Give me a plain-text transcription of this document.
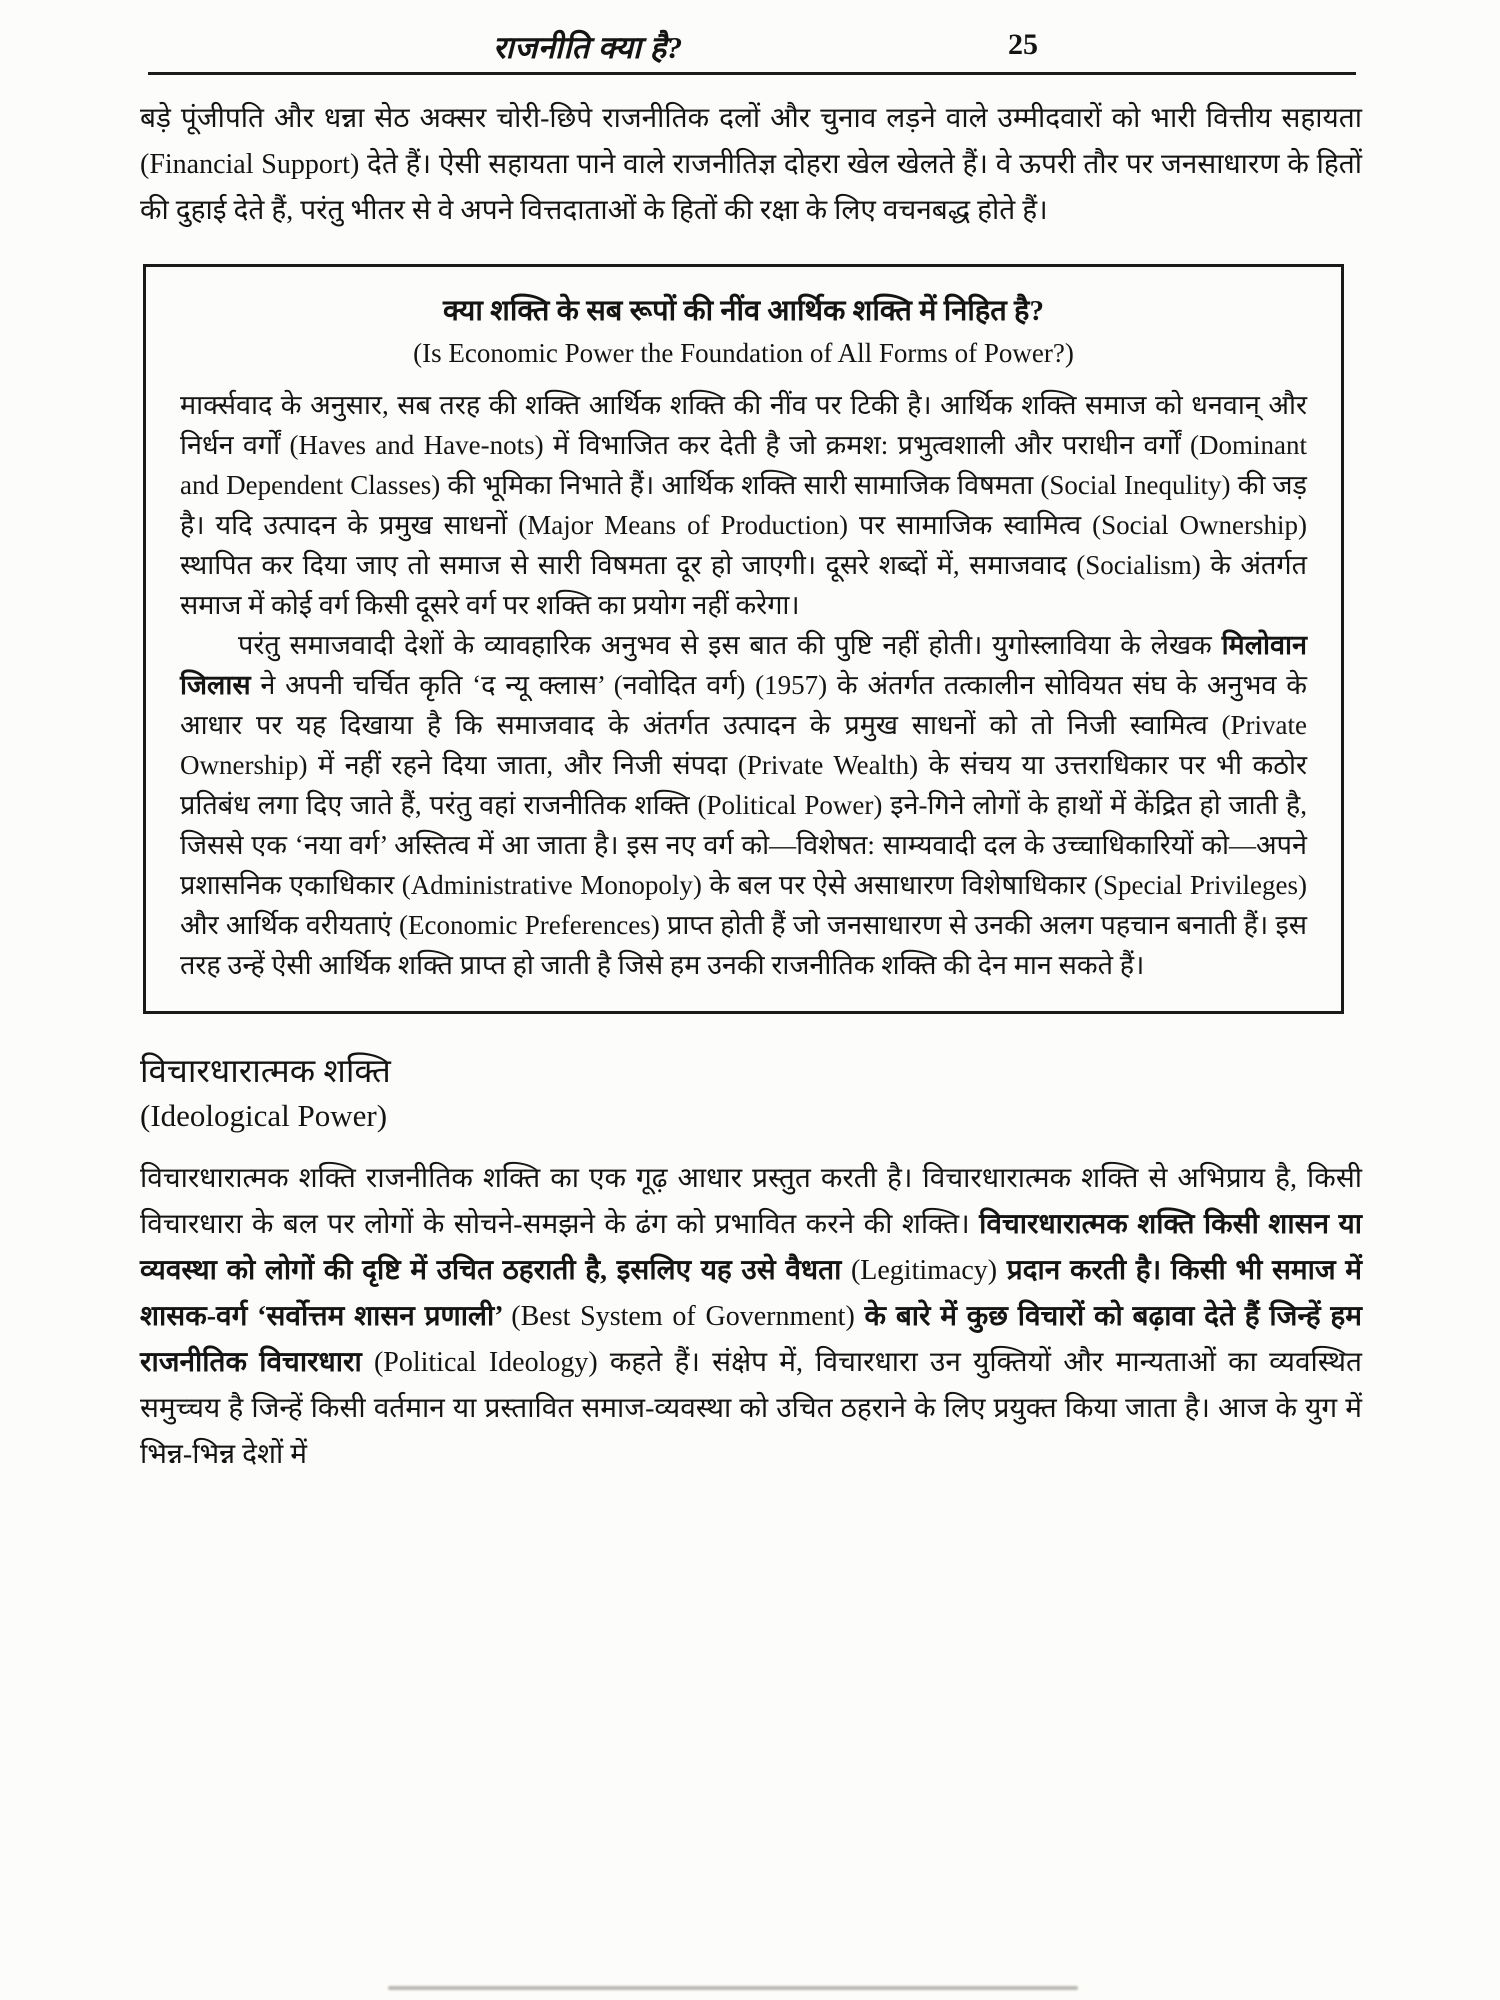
राजनीति क्या है?	25

बड़े पूंजीपति और धन्ना सेठ अक्सर चोरी-छिपे राजनीतिक दलों और चुनाव लड़ने वाले उम्मीदवारों को भारी वित्तीय सहायता (Financial Support) देते हैं। ऐसी सहायता पाने वाले राजनीतिज्ञ दोहरा खेल खेलते हैं। वे ऊपरी तौर पर जनसाधारण के हितों की दुहाई देते हैं, परंतु भीतर से वे अपने वित्तदाताओं के हितों की रक्षा के लिए वचनबद्ध होते हैं।

क्या शक्ति के सब रूपों की नींव आर्थिक शक्ति में निहित है?
(Is Economic Power the Foundation of All Forms of Power?)

मार्क्सवाद के अनुसार, सब तरह की शक्ति आर्थिक शक्ति की नींव पर टिकी है। आर्थिक शक्ति समाज को धनवान् और निर्धन वर्गों (Haves and Have-nots) में विभाजित कर देती है जो क्रमश: प्रभुत्वशाली और पराधीन वर्गों (Dominant and Dependent Classes) की भूमिका निभाते हैं। आर्थिक शक्ति सारी सामाजिक विषमता (Social Inequlity) की जड़ है। यदि उत्पादन के प्रमुख साधनों (Major Means of Production) पर सामाजिक स्वामित्व (Social Ownership) स्थापित कर दिया जाए तो समाज से सारी विषमता दूर हो जाएगी। दूसरे शब्दों में, समाजवाद (Socialism) के अंतर्गत समाज में कोई वर्ग किसी दूसरे वर्ग पर शक्ति का प्रयोग नहीं करेगा।

परंतु समाजवादी देशों के व्यावहारिक अनुभव से इस बात की पुष्टि नहीं होती। युगोस्लाविया के लेखक मिलोवान जिलास ने अपनी चर्चित कृति ‘द न्यू क्लास’ (नवोदित वर्ग) (1957) के अंतर्गत तत्कालीन सोवियत संघ के अनुभव के आधार पर यह दिखाया है कि समाजवाद के अंतर्गत उत्पादन के प्रमुख साधनों को तो निजी स्वामित्व (Private Ownership) में नहीं रहने दिया जाता, और निजी संपदा (Private Wealth) के संचय या उत्तराधिकार पर भी कठोर प्रतिबंध लगा दिए जाते हैं, परंतु वहां राजनीतिक शक्ति (Political Power) इने-गिने लोगों के हाथों में केंद्रित हो जाती है, जिससे एक ‘नया वर्ग’ अस्तित्व में आ जाता है। इस नए वर्ग को—विशेषत: साम्यवादी दल के उच्चाधिकारियों को—अपने प्रशासनिक एकाधिकार (Administrative Monopoly) के बल पर ऐसे असाधारण विशेषाधिकार (Special Privileges) और आर्थिक वरीयताएं (Economic Preferences) प्राप्त होती हैं जो जनसाधारण से उनकी अलग पहचान बनाती हैं। इस तरह उन्हें ऐसी आर्थिक शक्ति प्राप्त हो जाती है जिसे हम उनकी राजनीतिक शक्ति की देन मान सकते हैं।

विचारधारात्मक शक्ति
(Ideological Power)

विचारधारात्मक शक्ति राजनीतिक शक्ति का एक गूढ़ आधार प्रस्तुत करती है। विचारधारात्मक शक्ति से अभिप्राय है, किसी विचारधारा के बल पर लोगों के सोचने-समझने के ढंग को प्रभावित करने की शक्ति। विचारधारात्मक शक्ति किसी शासन या व्यवस्था को लोगों की दृष्टि में उचित ठहराती है, इसलिए यह उसे वैधता (Legitimacy) प्रदान करती है। किसी भी समाज में शासक-वर्ग ‘सर्वोत्तम शासन प्रणाली’ (Best System of Government) के बारे में कुछ विचारों को बढ़ावा देते हैं जिन्हें हम राजनीतिक विचारधारा (Political Ideology) कहते हैं। संक्षेप में, विचारधारा उन युक्तियों और मान्यताओं का व्यवस्थित समुच्चय है जिन्हें किसी वर्तमान या प्रस्तावित समाज-व्यवस्था को उचित ठहराने के लिए प्रयुक्त किया जाता है। आज के युग में भिन्न-भिन्न देशों में
